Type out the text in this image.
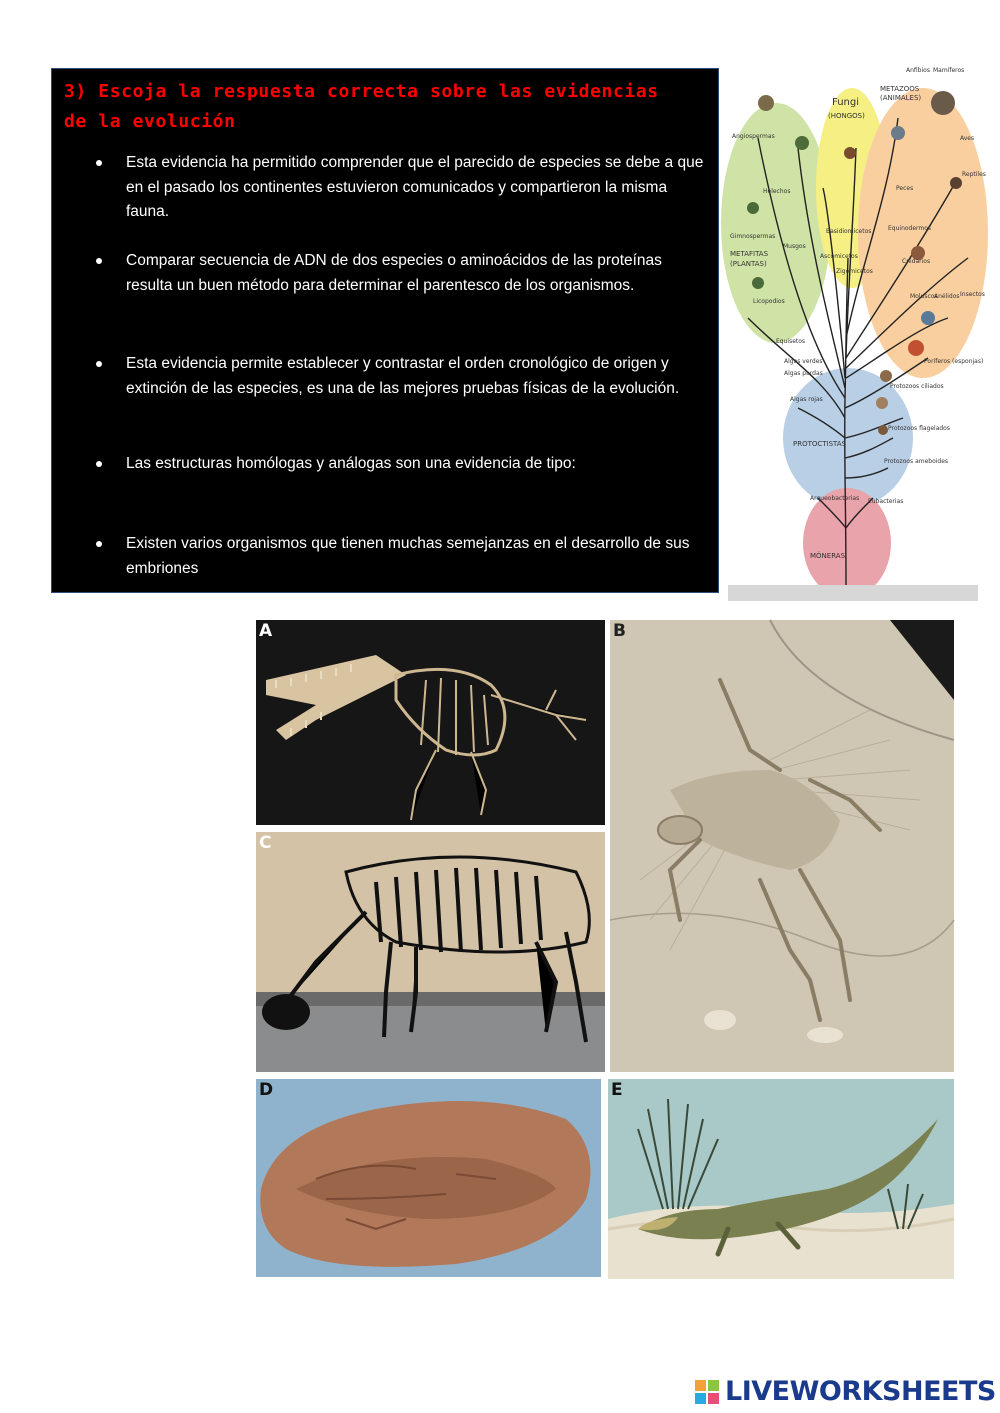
3) Escoja la respuesta correcta sobre las evidencias de la evolución
Esta evidencia ha permitido comprender que el parecido de especies se debe a que en el pasado los continentes estuvieron comunicados y compartieron la misma fauna.
Comparar secuencia de ADN de dos especies o aminoácidos de las proteínas resulta un buen método para determinar el parentesco de los organismos.
Esta evidencia permite establecer y contrastar el orden cronológico de origen y extinción de las especies, es una de las mejores pruebas físicas de la evolución.
Las estructuras homólogas y análogas son una evidencia de tipo:
Existen varios organismos que tienen muchas semejanzas en el desarrollo de sus embriones
Fungi
(HONGOS)
METAZOOS
(ANIMALES)
METAFITAS
(PLANTAS)
PROTOCTISTAS
MÓNERAS
Anfibios Mamíferos
Aves
Reptiles
Peces
Insectos
Moluscos
Anélidos
Equinodermos
Cnidarios
Poríferos (esponjas)
Angiospermas
Gimnospermas
Helechos
Musgos
Licopodios
Equisetos
Basidiomicetos
Ascomicetos
Zigomicetos
Algas verdes
Algas pardas
Algas rojas
Protozoos ciliados
Protozoos flagelados
Protozoos ameboides
Arqueobacterias Eubacterias
A	B
C
D	E
LIVEWORKSHEETS
